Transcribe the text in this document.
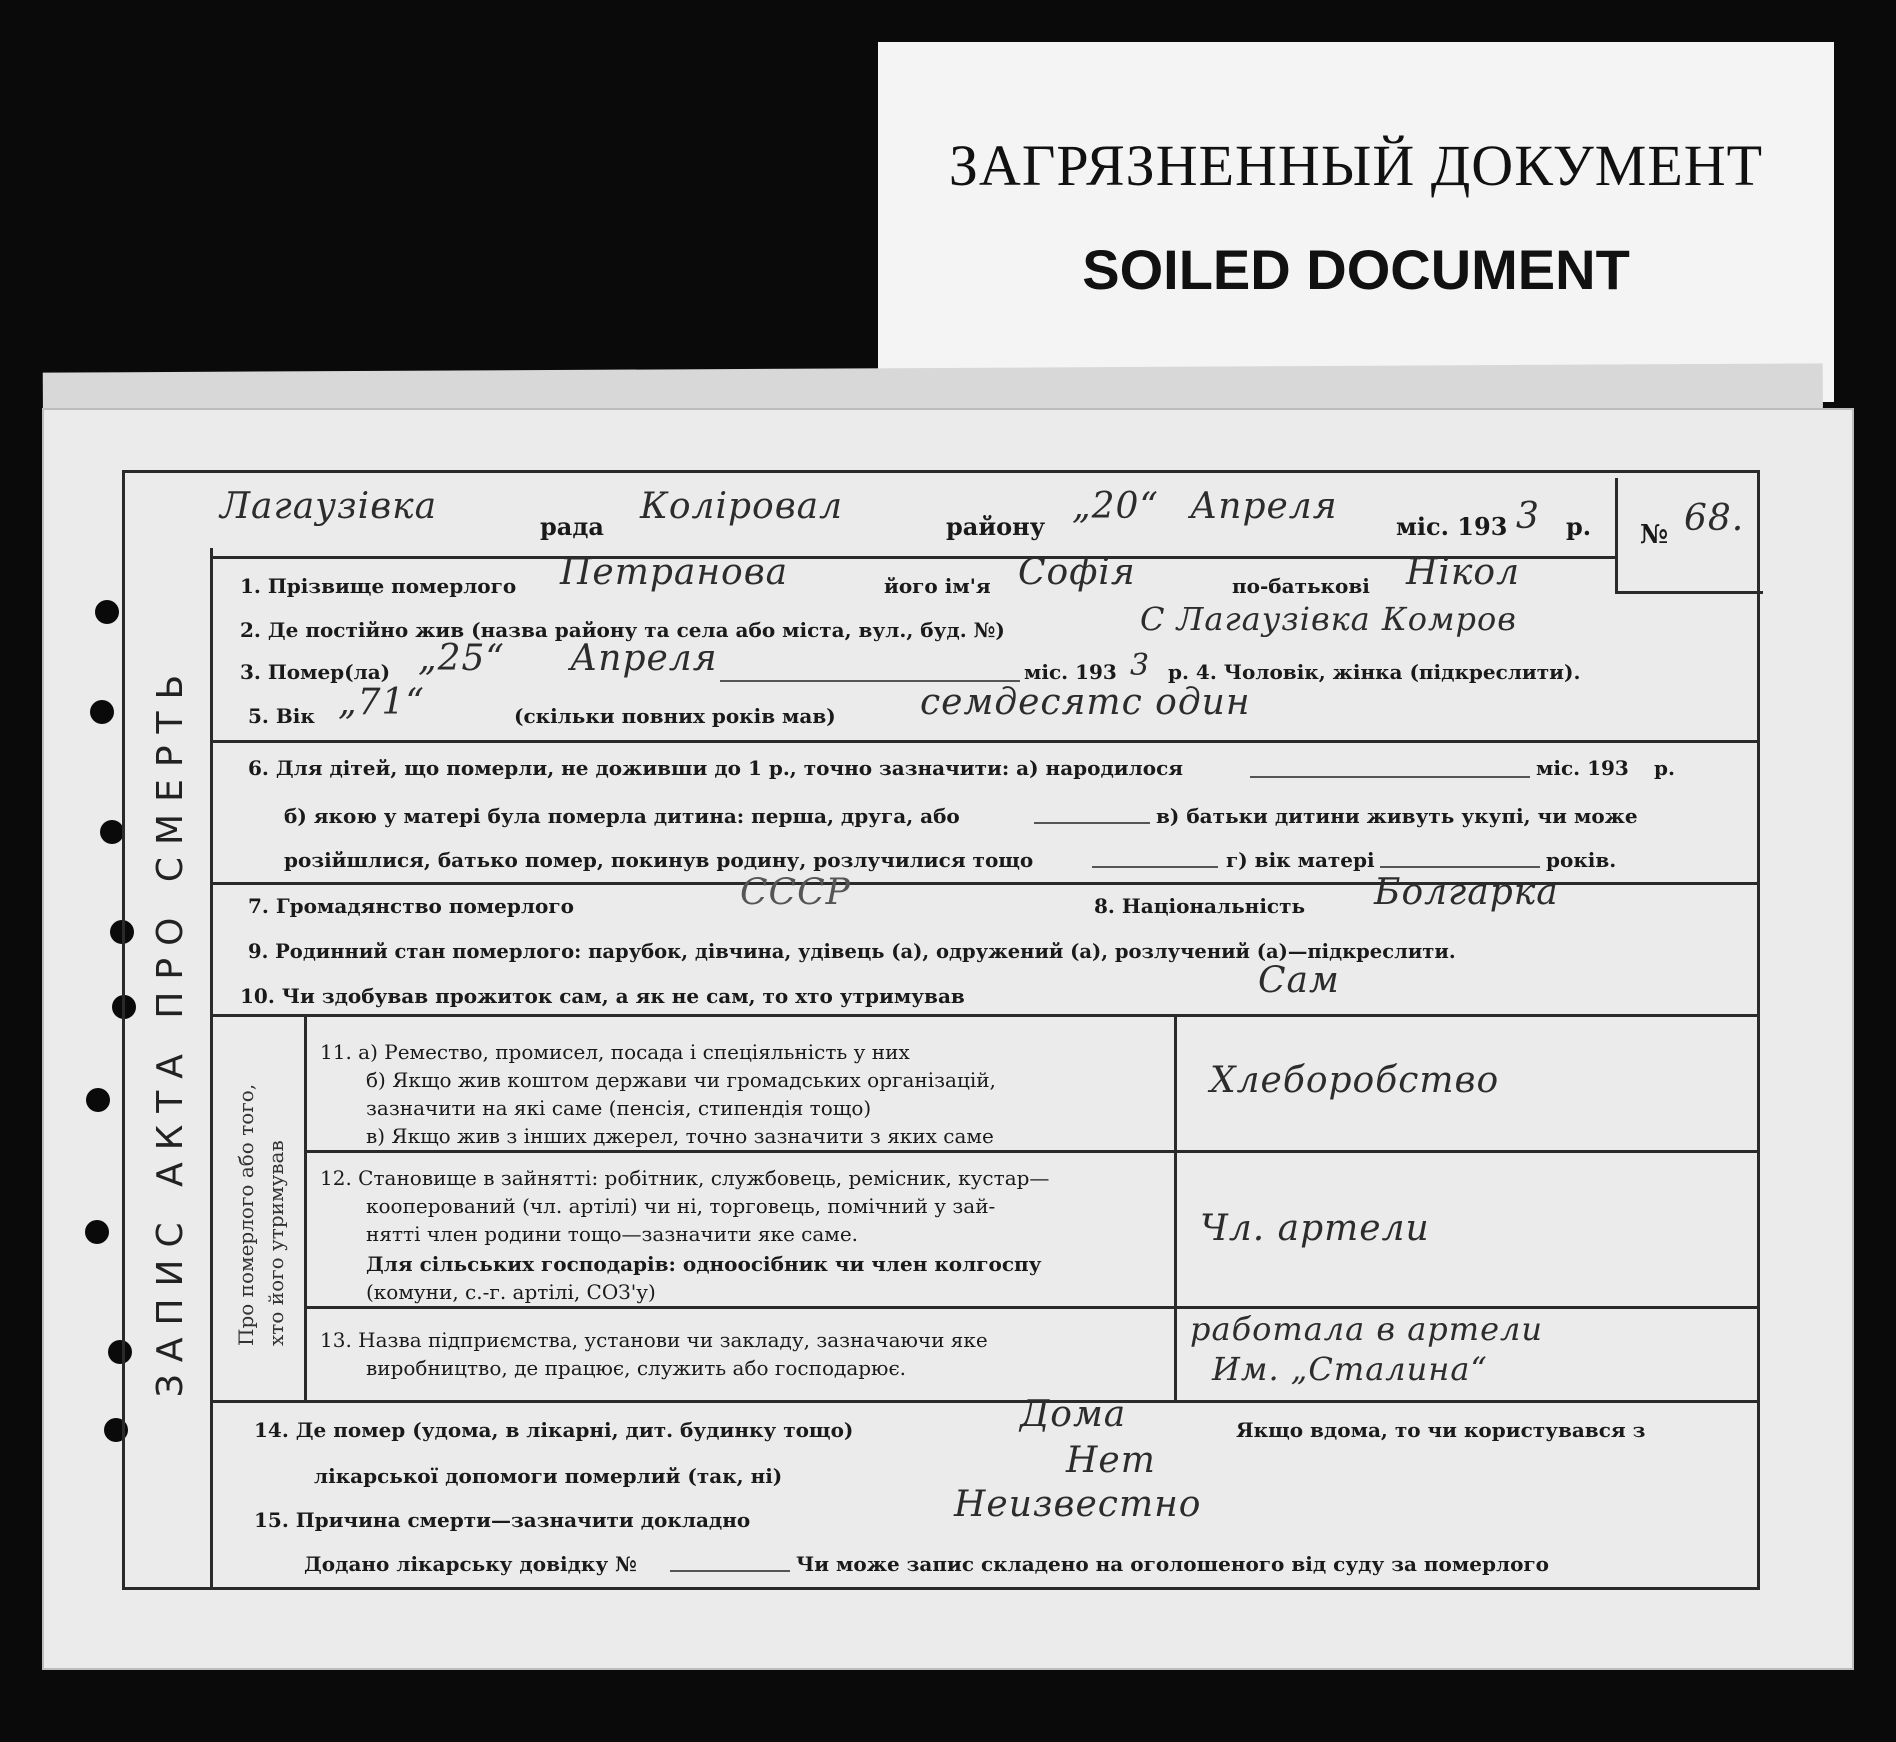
ЗАГРЯЗНЕННЫЙ ДОКУМЕНТ
SOILED DOCUMENT
ЗАПИС АКТА ПРО СМЕРТЬ
Лагаузівка	рада Коліровал	району „20“ Апреля міс. 193 3 р. № 68.
1. Прізвище померлого Петранова	його ім'я Софія	по-батькові Нікол
2. Де постійно жив (назва району та села або міста, вул., буд. №)	С Лагаузівка Комров
3. Помер(ла) „25“ Апреля	міс. 193 3 р. 4. Чоловік, жінка (підкреслити).
5. Вік „71“	(скільки повних років мав) семдесятс один
6. Для дітей, що померли, не доживши до 1 р., точно зазначити: а) народилося	міс. 193 р.
б) якою у матері була померла дитина: перша, друга, або	в) батьки дитини живуть укупі, чи може
розійшлися, батько помер, покинув родину, розлучилися тощо	г) вік матері	років.
7. Громадянство померлого	СССР	8. Національність Болгарка
9. Родинний стан померлого: парубок, дівчина, удівець (а), одружений (а), розлучений (а)—підкреслити.
10. Чи здобував прожиток сам, а як не сам, то хто утримував	Сам
Про померлого або того, хто його утримував
11. а) Ремество, промисел, посада і спеціяльність у них
б) Якщо жив коштом держави чи громадських організацій,
зазначити на які саме (пенсія, стипендія тощо)
в) Якщо жив з інших джерел, точно зазначити з яких саме
Хлеборобство
12. Становище в зайнятті: робітник, службовець, ремісник, кустар—
кооперований (чл. артілі) чи ні, торговець, помічний у зай-
нятті член родини тощо—зазначити яке саме.
Для сільських господарів: одноосібник чи член колгоспу
(комуни, с.-г. артілі, СОЗ'у)
Чл. артели
13. Назва підприємства, установи чи закладу, зазначаючи яке
виробництво, де працює, служить або господарює.
работала в артели
Им. „Сталина“
14. Де помер (удома, в лікарні, дит. будинку тощо)	Дома	Якщо вдома, то чи користувався з
лікарської допомоги померлий (так, ні)	Нет
15. Причина смерти—зазначити докладно	Неизвестно
Додано лікарську довідку №	Чи може запис складено на оголошеного від суду за померлого
